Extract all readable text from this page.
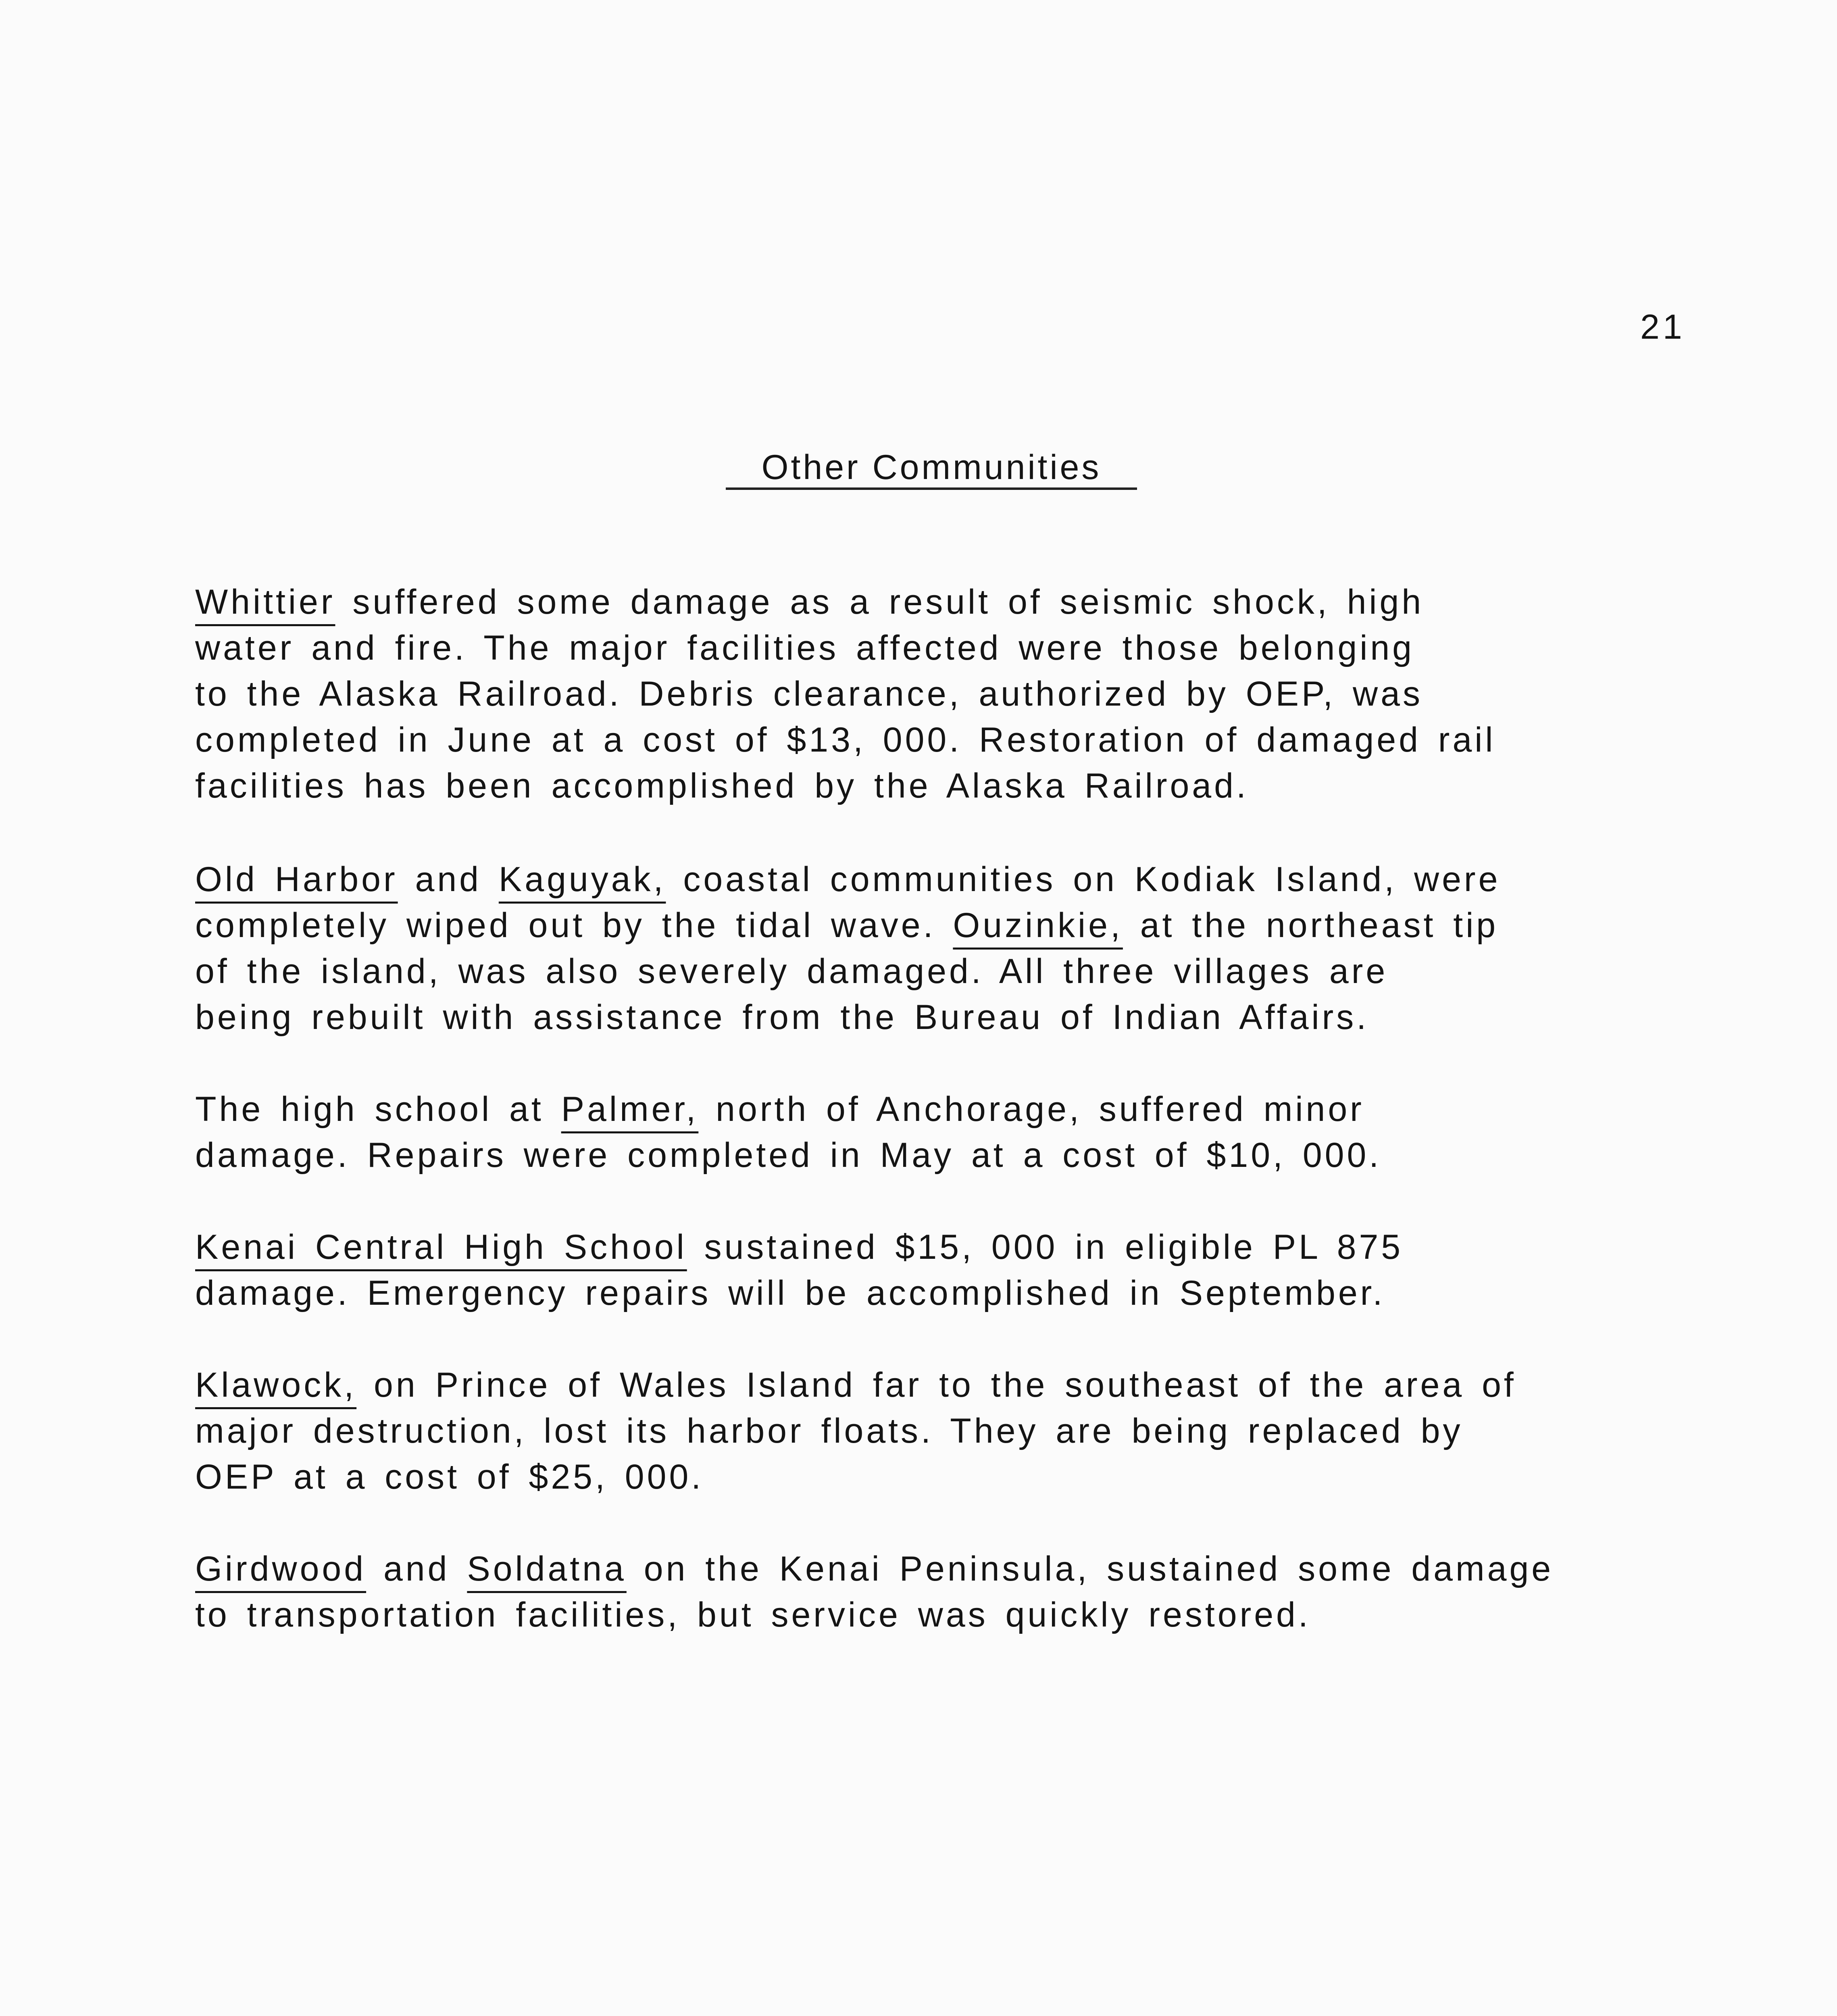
21
Other Communities
Whittier suffered some damage as a result of seismic shock, high
water and fire. The major facilities affected were those belonging
to the Alaska Railroad. Debris clearance, authorized by OEP, was
completed in June at a cost of $13, 000. Restoration of damaged rail
facilities has been accomplished by the Alaska Railroad.
Old Harbor and Kaguyak, coastal communities on Kodiak Island, were
completely wiped out by the tidal wave. Ouzinkie, at the northeast tip
of the island, was also severely damaged. All three villages are
being rebuilt with assistance from the Bureau of Indian Affairs.
The high school at Palmer, north of Anchorage, suffered minor
damage. Repairs were completed in May at a cost of $10, 000.
Kenai Central High School sustained $15, 000 in eligible PL 875
damage. Emergency repairs will be accomplished in September.
Klawock, on Prince of Wales Island far to the southeast of the area of
major destruction, lost its harbor floats. They are being replaced by
OEP at a cost of $25, 000.
Girdwood and Soldatna on the Kenai Peninsula, sustained some damage
to transportation facilities, but service was quickly restored.
